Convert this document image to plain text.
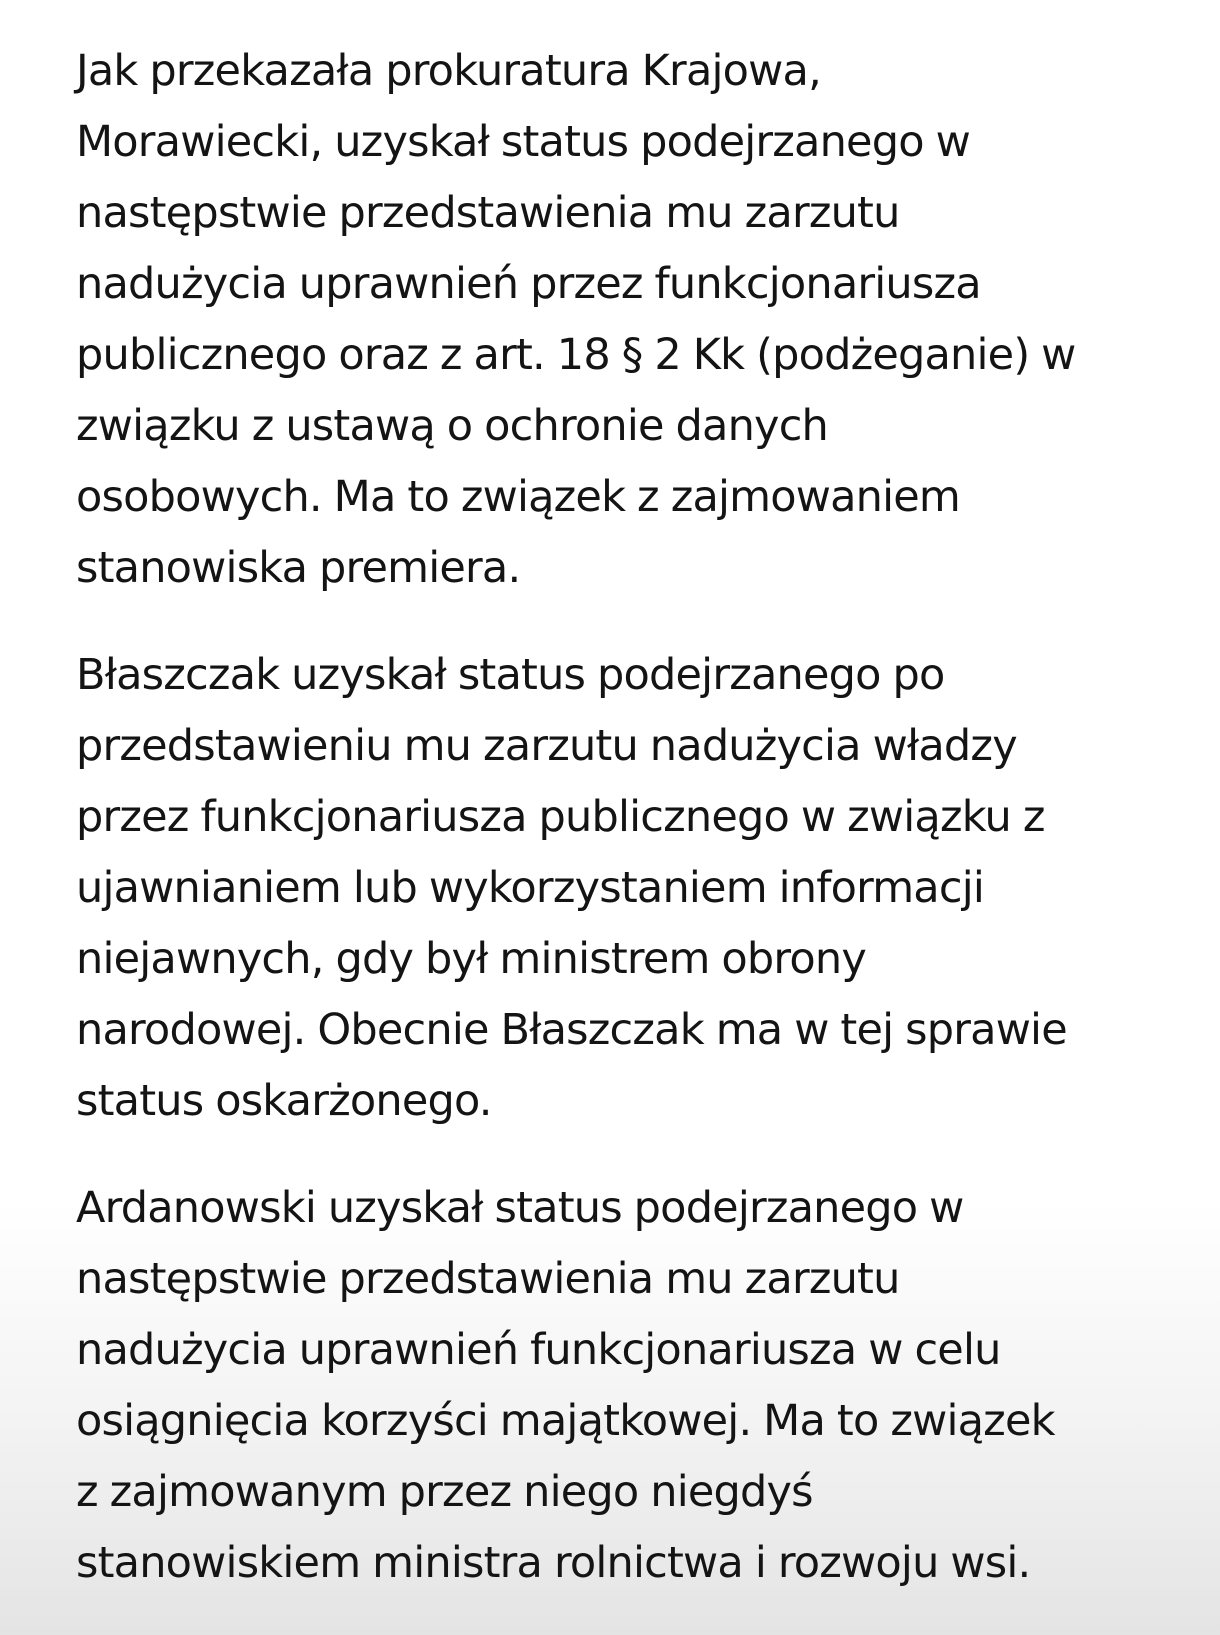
Jak przekazała prokuratura Krajowa,
Morawiecki, uzyskał status podejrzanego w
następstwie przedstawienia mu zarzutu
nadużycia uprawnień przez funkcjonariusza
publicznego oraz z art. 18 § 2 Kk (podżeganie) w
związku z ustawą o ochronie danych
osobowych. Ma to związek z zajmowaniem
stanowiska premiera.

Błaszczak uzyskał status podejrzanego po
przedstawieniu mu zarzutu nadużycia władzy
przez funkcjonariusza publicznego w związku z
ujawnianiem lub wykorzystaniem informacji
niejawnych, gdy był ministrem obrony
narodowej. Obecnie Błaszczak ma w tej sprawie
status oskarżonego.

Ardanowski uzyskał status podejrzanego w
następstwie przedstawienia mu zarzutu
nadużycia uprawnień funkcjonariusza w celu
osiągnięcia korzyści majątkowej. Ma to związek
z zajmowanym przez niego niegdyś
stanowiskiem ministra rolnictwa i rozwoju wsi.
